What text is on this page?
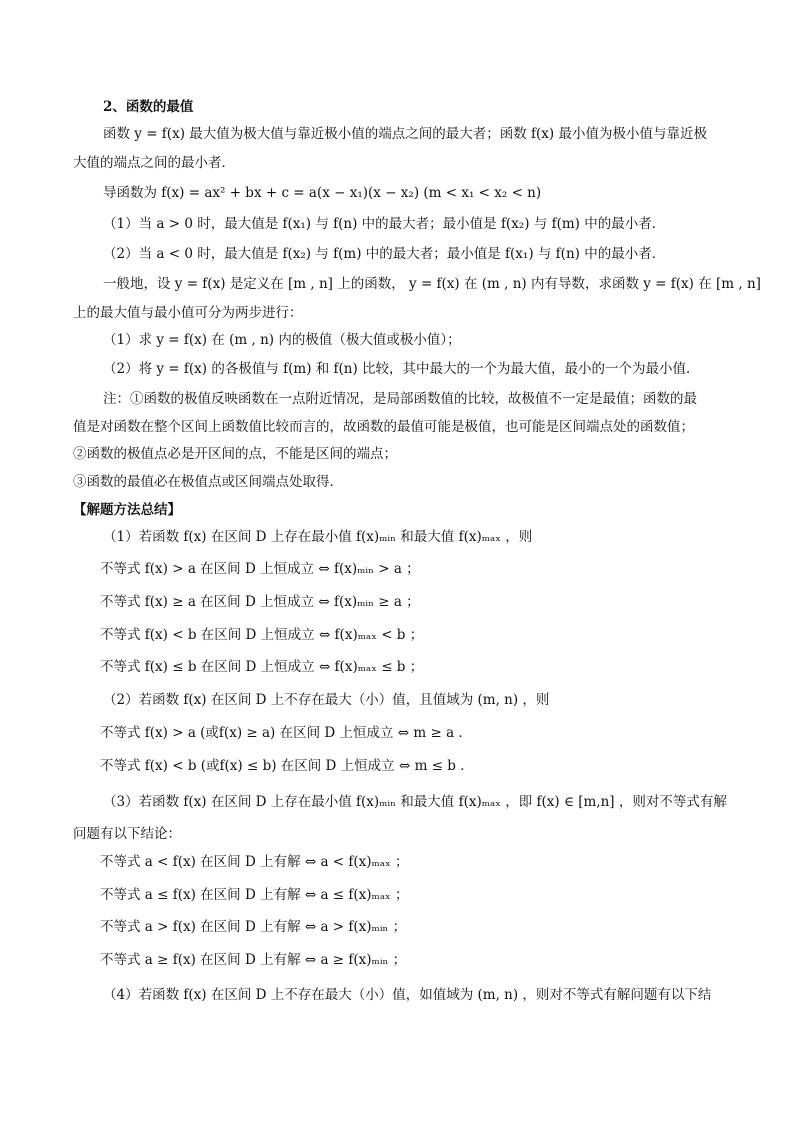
2、函数的最值
函数 y = f(x) 最大值为极大值与靠近极小值的端点之间的最大者；函数 f(x) 最小值为极小值与靠近极
大值的端点之间的最小者．
导函数为 f(x) = ax² + bx + c = a(x − x₁)(x − x₂) (m < x₁ < x₂ < n)
（1）当 a > 0 时，最大值是 f(x₁) 与 f(n) 中的最大者；最小值是 f(x₂) 与 f(m) 中的最小者．
（2）当 a < 0 时，最大值是 f(x₂) 与 f(m) 中的最大者；最小值是 f(x₁) 与 f(n) 中的最小者．
一般地，设 y = f(x) 是定义在 [m , n] 上的函数， y = f(x) 在 (m , n) 内有导数，求函数 y = f(x) 在 [m , n]
上的最大值与最小值可分为两步进行：
（1）求 y = f(x) 在 (m , n) 内的极值（极大值或极小值）；
（2）将 y = f(x) 的各极值与 f(m) 和 f(n) 比较，其中最大的一个为最大值，最小的一个为最小值．
注：①函数的极值反映函数在一点附近情况，是局部函数值的比较，故极值不一定是最值；函数的最
值是对函数在整个区间上函数值比较而言的，故函数的最值可能是极值，也可能是区间端点处的函数值；
②函数的极值点必是开区间的点，不能是区间的端点；
③函数的最值必在极值点或区间端点处取得．
【解题方法总结】
（1）若函数 f(x) 在区间 D 上存在最小值 f(x)ₘᵢₙ 和最大值 f(x)ₘₐₓ ，则
不等式 f(x) > a 在区间 D 上恒成立 ⇔ f(x)ₘᵢₙ > a ；
不等式 f(x) ≥ a 在区间 D 上恒成立 ⇔ f(x)ₘᵢₙ ≥ a ；
不等式 f(x) < b 在区间 D 上恒成立 ⇔ f(x)ₘₐₓ < b ；
不等式 f(x) ≤ b 在区间 D 上恒成立 ⇔ f(x)ₘₐₓ ≤ b ；
（2）若函数 f(x) 在区间 D 上不存在最大（小）值，且值域为 (m, n) ，则
不等式 f(x) > a (或f(x) ≥ a) 在区间 D 上恒成立 ⇔ m ≥ a ．
不等式 f(x) < b (或f(x) ≤ b) 在区间 D 上恒成立 ⇔ m ≤ b ．
（3）若函数 f(x) 在区间 D 上存在最小值 f(x)ₘᵢₙ 和最大值 f(x)ₘₐₓ ，即 f(x) ∈ [m,n] ，则对不等式有解
问题有以下结论：
不等式 a < f(x) 在区间 D 上有解 ⇔ a < f(x)ₘₐₓ ；
不等式 a ≤ f(x) 在区间 D 上有解 ⇔ a ≤ f(x)ₘₐₓ ；
不等式 a > f(x) 在区间 D 上有解 ⇔ a > f(x)ₘᵢₙ ；
不等式 a ≥ f(x) 在区间 D 上有解 ⇔ a ≥ f(x)ₘᵢₙ ；
（4）若函数 f(x) 在区间 D 上不存在最大（小）值，如值域为 (m, n) ，则对不等式有解问题有以下结
